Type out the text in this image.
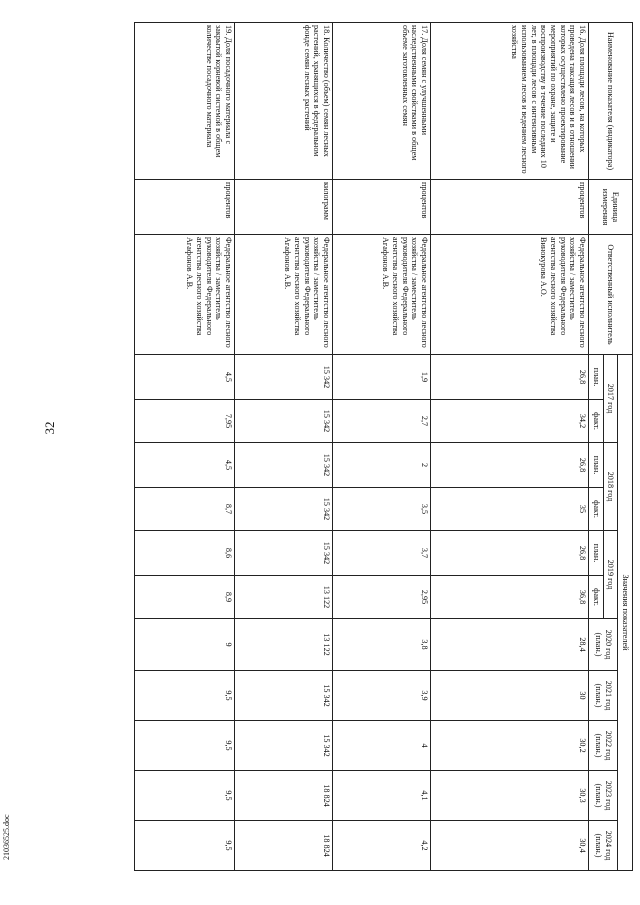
32
21036525.doc
Наименование показателя (индикатора)	Единица измерения	Ответственный исполнитель	Значения показателей										
			2017 год		2018 год		2019 год		2020 год (план.)	2021 год (план.)	2022 год (план.)	2023 год (план.)	2024 год (план.)
			план.	факт.	план.	факт.	план.	факт.					
16. Доля площади лесов, на которых проведена таксация лесов и в отношении которых осуществлено проектирование мероприятий по охране, защите и воспроизводству в течение последних 10 лет, в площади лесов с интенсивным использованием лесов и ведением лесного хозяйства	процентов	Федеральное агентство лесного хозяйства / заместитель руководителя Федерального агентства лесного хозяйства Винокурова А.О.	26,8	34,2	26,8	35	26,8	36,8	28,4	30	30,2	30,3	30,4
17. Доля семян с улучшенными наследственными свойствами в общем объеме заготовленных семян	процентов	Федеральное агентство лесного хозяйства / заместитель руководителя Федерального агентства лесного хозяйства Агафонов А.В.	1,9	2,7	2	3,5	3,7	2,95	3,8	3,9	4	4,1	4,2
18. Количество (объем) семян лесных растений, хранящихся в федеральном фонде семян лесных растений	килограмм	Федеральное агентство лесного хозяйства / заместитель руководителя Федерального агентства лесного хозяйства Агафонов А.В.	15 342	15 342	15 342	15 342	15 342	13 122	13 122	15 342	15 342	18 824	18 824
19. Доля посадочного материала с закрытой корневой системой в общем количестве посадочного материала	процентов	Федеральное агентство лесного хозяйства / заместитель руководителя Федерального агентства лесного хозяйства Агафонов А.В.	4,5	7,95	4,5	8,7	8,6	8,9	9	9,5	9,5	9,5	9,5
